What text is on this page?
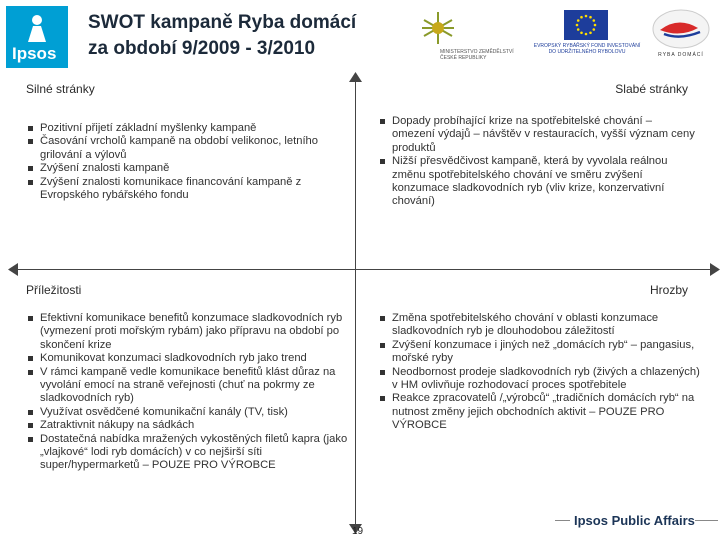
Ipsos
SWOT kampaně Ryba domácí
za období 9/2009 - 3/2010	MINISTERSTVO ZEMĚDĚLSTVÍ ČESKÉ REPUBLIKY
EVROPSKÝ RYBÁŘSKÝ FOND INVESTOVÁNÍ DO UDRŽITELNÉHO RYBOLOVU	RYBA DOMÁCÍ
Silné stránky	Slabé stránky
Příležitosti	Hrozby
Pozitivní přijetí základní myšlenky kampaně
Časování vrcholů kampaně na období velikonoc, letního grilování a výlovů
Zvýšení znalosti kampaně
Zvýšení znalosti komunikace financování kampaně z Evropského rybářského fondu
Dopady probíhající krize na spotřebitelské chování – omezení výdajů – návštěv v restauracích, vyšší význam ceny produktů
Nižší přesvědčivost kampaně, která by vyvolala reálnou změnu spotřebitelského chování ve směru zvýšení konzumace sladkovodních ryb (vliv krize, konzervativní chování)
Efektivní komunikace benefitů konzumace sladkovodních ryb (vymezení proti mořským rybám) jako přípravu na období po skončení krize
Komunikovat konzumaci sladkovodních ryb jako trend
V rámci kampaně vedle komunikace benefitů klást důraz na vyvolání emocí na straně veřejnosti (chuť na pokrmy ze sladkovodních ryb)
Využívat osvědčené komunikační kanály (TV, tisk)
Zatraktivnit nákupy na sádkách
Dostatečná nabídka mražených vykostěných filetů kapra (jako „vlajkové“ lodi ryb domácích) v co nejširší síti super/hypermarketů – POUZE PRO VÝROBCE
Změna spotřebitelského chování v oblasti konzumace sladkovodních ryb je dlouhodobou záležitostí
Zvýšení konzumace i jiných než „domácích ryb“ – pangasius, mořské ryby
Neodbornost prodeje sladkovodních ryb (živých a chlazených) v HM ovlivňuje rozhodovací proces spotřebitele
Reakce zpracovatelů /„výrobců“ „tradičních domácích ryb“ na nutnost změny jejich obchodních aktivit – POUZE PRO VÝROBCE
Ipsos Public Affairs
19
